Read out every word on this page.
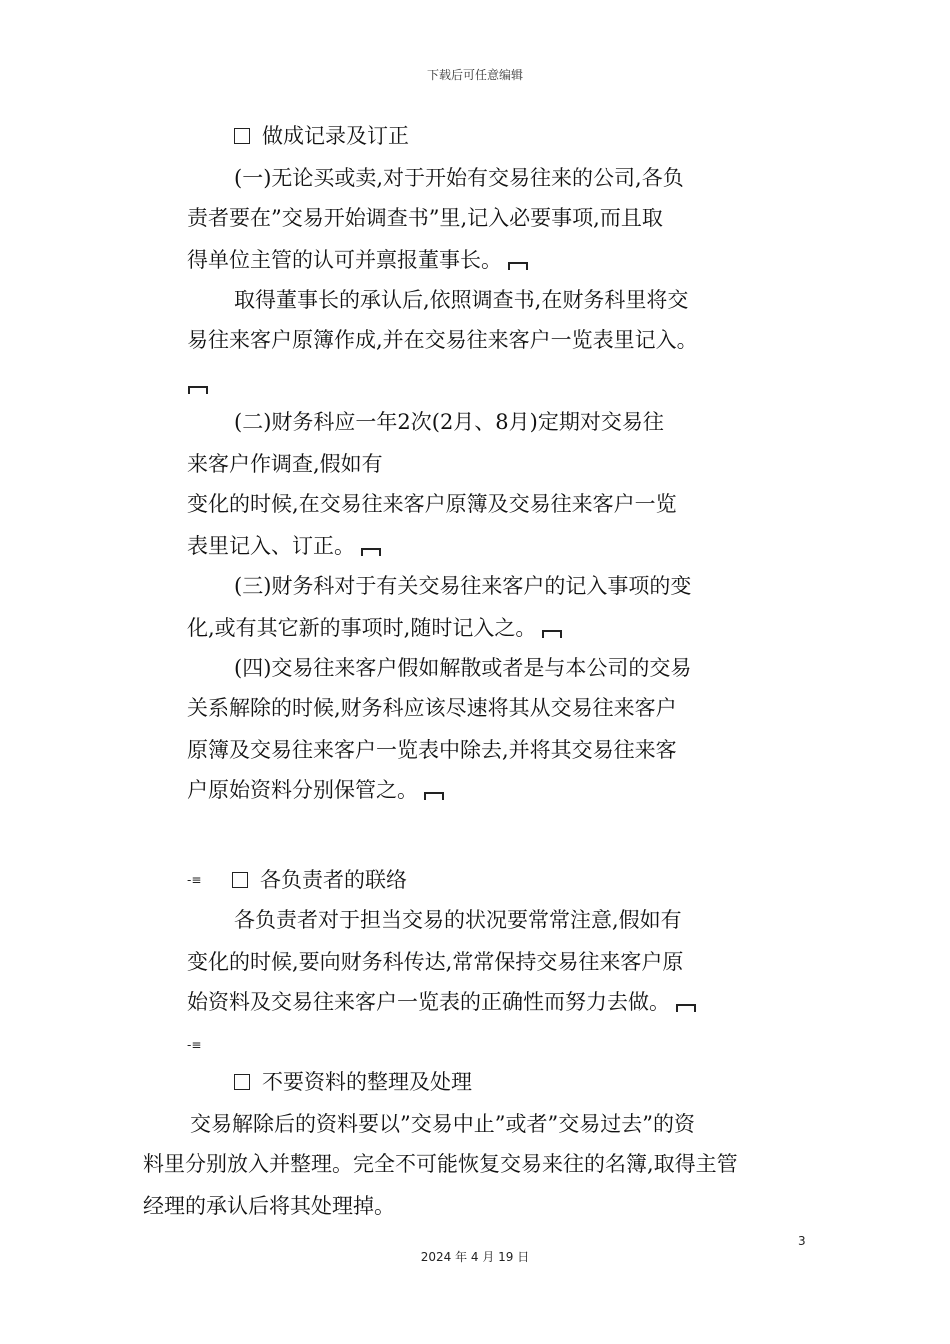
下载后可任意编辑
做成记录及订正
(一)无论买或卖,对于开始有交易往来的公司,各负
责者要在”交易开始调查书”里,记入必要事项,而且取
得单位主管的认可并禀报董事长。
取得董事长的承认后,依照调查书,在财务科里将交
易往来客户原簿作成,并在交易往来客户一览表里记入。
(二)财务科应一年2次(2月、8月)定期对交易往
来客户作调查,假如有
变化的时候,在交易往来客户原簿及交易往来客户一览
表里记入、订正。
(三)财务科对于有关交易往来客户的记入事项的变
化,或有其它新的事项时,随时记入之。
(四)交易往来客户假如解散或者是与本公司的交易
关系解除的时候,财务科应该尽速将其从交易往来客户
原簿及交易往来客户一览表中除去,并将其交易往来客
户原始资料分别保管之。
-≡	各负责者的联络
各负责者对于担当交易的状况要常常注意,假如有
变化的时候,要向财务科传达,常常保持交易往来客户原
始资料及交易往来客户一览表的正确性而努力去做。
-≡
不要资料的整理及处理
交易解除后的资料要以”交易中止”或者”交易过去”的资
料里分别放入并整理。完全不可能恢复交易来往的名簿,取得主管
经理的承认后将其处理掉。
3
2024 年 4 月 19 日
